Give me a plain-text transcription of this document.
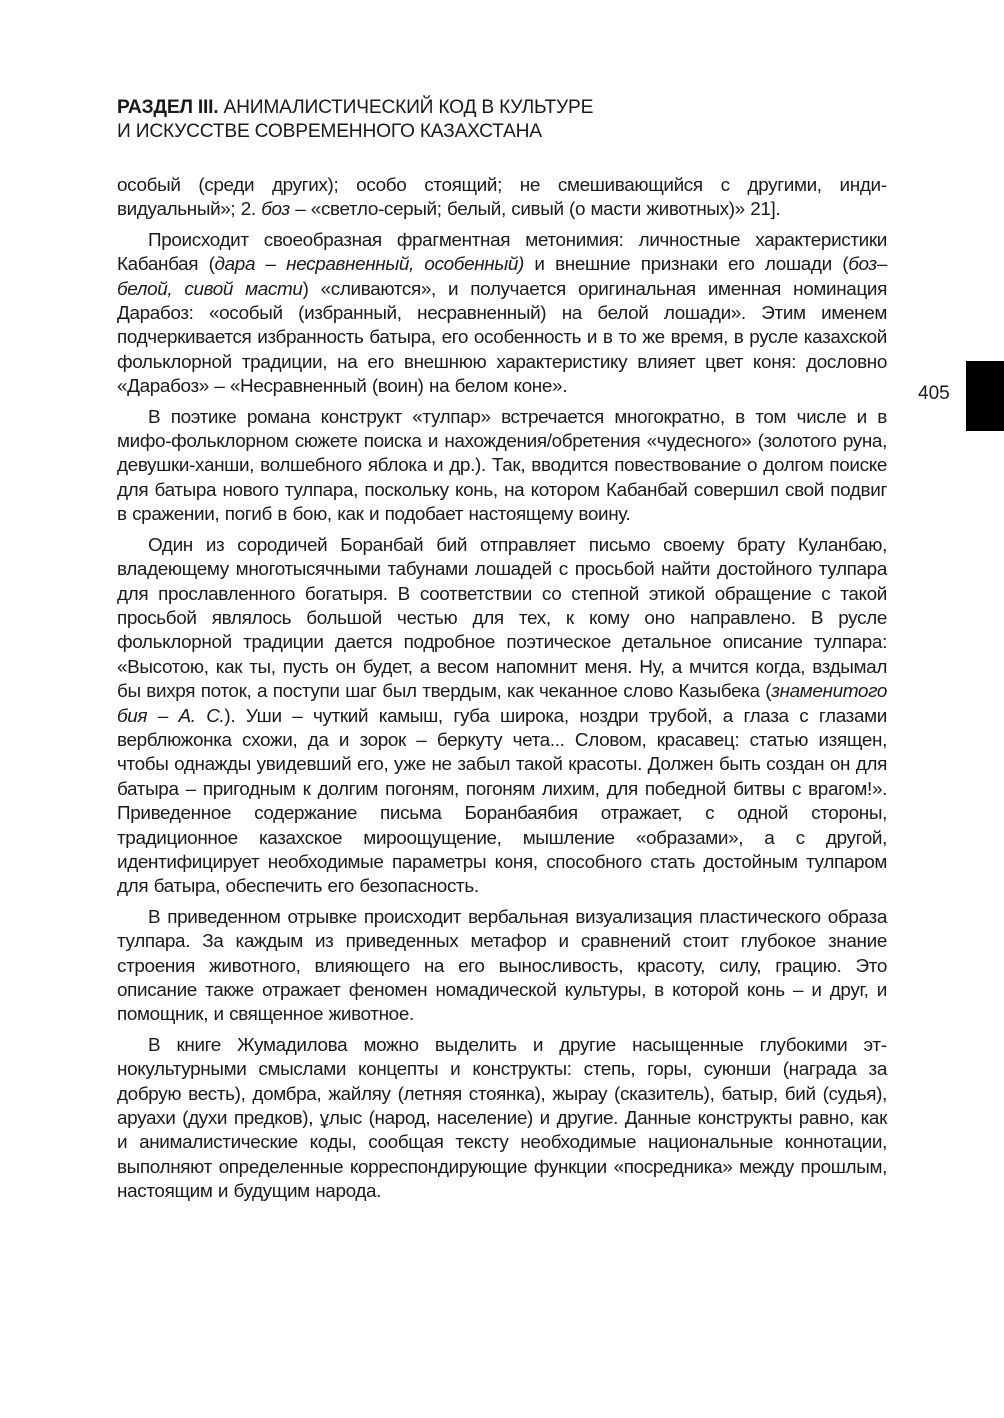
РАЗДЕЛ III. АНИМАЛИСТИЧЕСКИЙ КОД В КУЛЬТУРЕ
И ИСКУССТВЕ СОВРЕМЕННОГО КАЗАХСТАНА

особый (среди других); особо стоящий; не смешивающийся с другими, индивидуальный»; 2. боз – «светло-серый; белый, сивый (о масти животных)» 21].

Происходит своеобразная фрагментная метонимия: личностные характеристики Кабанбая (дара – несравненный, особенный) и внешние признаки его лошади (боз– белой, сивой масти) «сливаются», и получается оригинальная именная номинация Дарабоз: «особый (избранный, несравненный) на белой лошади». Этим именем подчеркивается избранность батыра, его особенность и в то же время, в русле казахской фольклорной традиции, на его внешнюю характеристику влияет цвет коня: дословно «Дарабоз» – «Несравненный (воин) на белом коне».

В поэтике романа конструкт «тулпар» встречается многократно, в том числе и в мифо-фольклорном сюжете поиска и нахождения/обретения «чудесного» (золотого руна, девушки-ханши, волшебного яблока и др.). Так, вводится повествование о долгом поиске для батыра нового тулпара, поскольку конь, на котором Кабанбай совершил свой подвиг в сражении, погиб в бою, как и подобает настоящему воину.

Один из сородичей Боранбай бий отправляет письмо своему брату Куланбаю, владеющему многотысячными табунами лошадей с просьбой найти достойного тулпара для прославленного богатыря. В соответствии со степной этикой обращение с такой просьбой являлось большой честью для тех, к кому оно направлено. В русле фольклорной традиции дается подробное поэтическое детальное описание тулпара: «Высотою, как ты, пусть он будет, а весом напомнит меня. Ну, а мчится когда, вздымал бы вихря поток, а поступи шаг был твердым, как чеканное слово Казыбека (знаменитого бия – А. С.). Уши – чуткий камыш, губа широка, ноздри трубой, а глаза с глазами верблюжонка схожи, да и зорок – беркуту чета... Словом, красавец: статью изящен, чтобы однажды увидевший его, уже не забыл такой красоты. Должен быть создан он для батыра – пригодным к долгим погоням, погоням лихим, для победной битвы с врагом!». Приведенное содержание письма Боранбаябия отражает, с одной стороны, традиционное казахское мироощущение, мышление «образами», а с другой, идентифицирует необходимые параметры коня, способного стать достойным тулпаром для батыра, обеспечить его безопасность.

В приведенном отрывке происходит вербальная визуализация пластического образа тулпара. За каждым из приведенных метафор и сравнений стоит глубокое знание строения животного, влияющего на его выносливость, красоту, силу, грацию. Это описание также отражает феномен номадической культуры, в которой конь – и друг, и помощник, и священное животное.

В книге Жумадилова можно выделить и другие насыщенные глубокими этнокультурными смыслами концепты и конструкты: степь, горы, суюнши (награда за добрую весть), домбра, жайляу (летняя стоянка), жырау (сказитель), батыр, бий (судья), аруахи (духи предков), ұлыс (народ, население) и другие. Данные конструкты равно, как и анималистические коды, сообщая тексту необходимые национальные коннотации, выполняют определенные корреспондирующие функции «посредника» между прошлым, настоящим и будущим народа.

405
